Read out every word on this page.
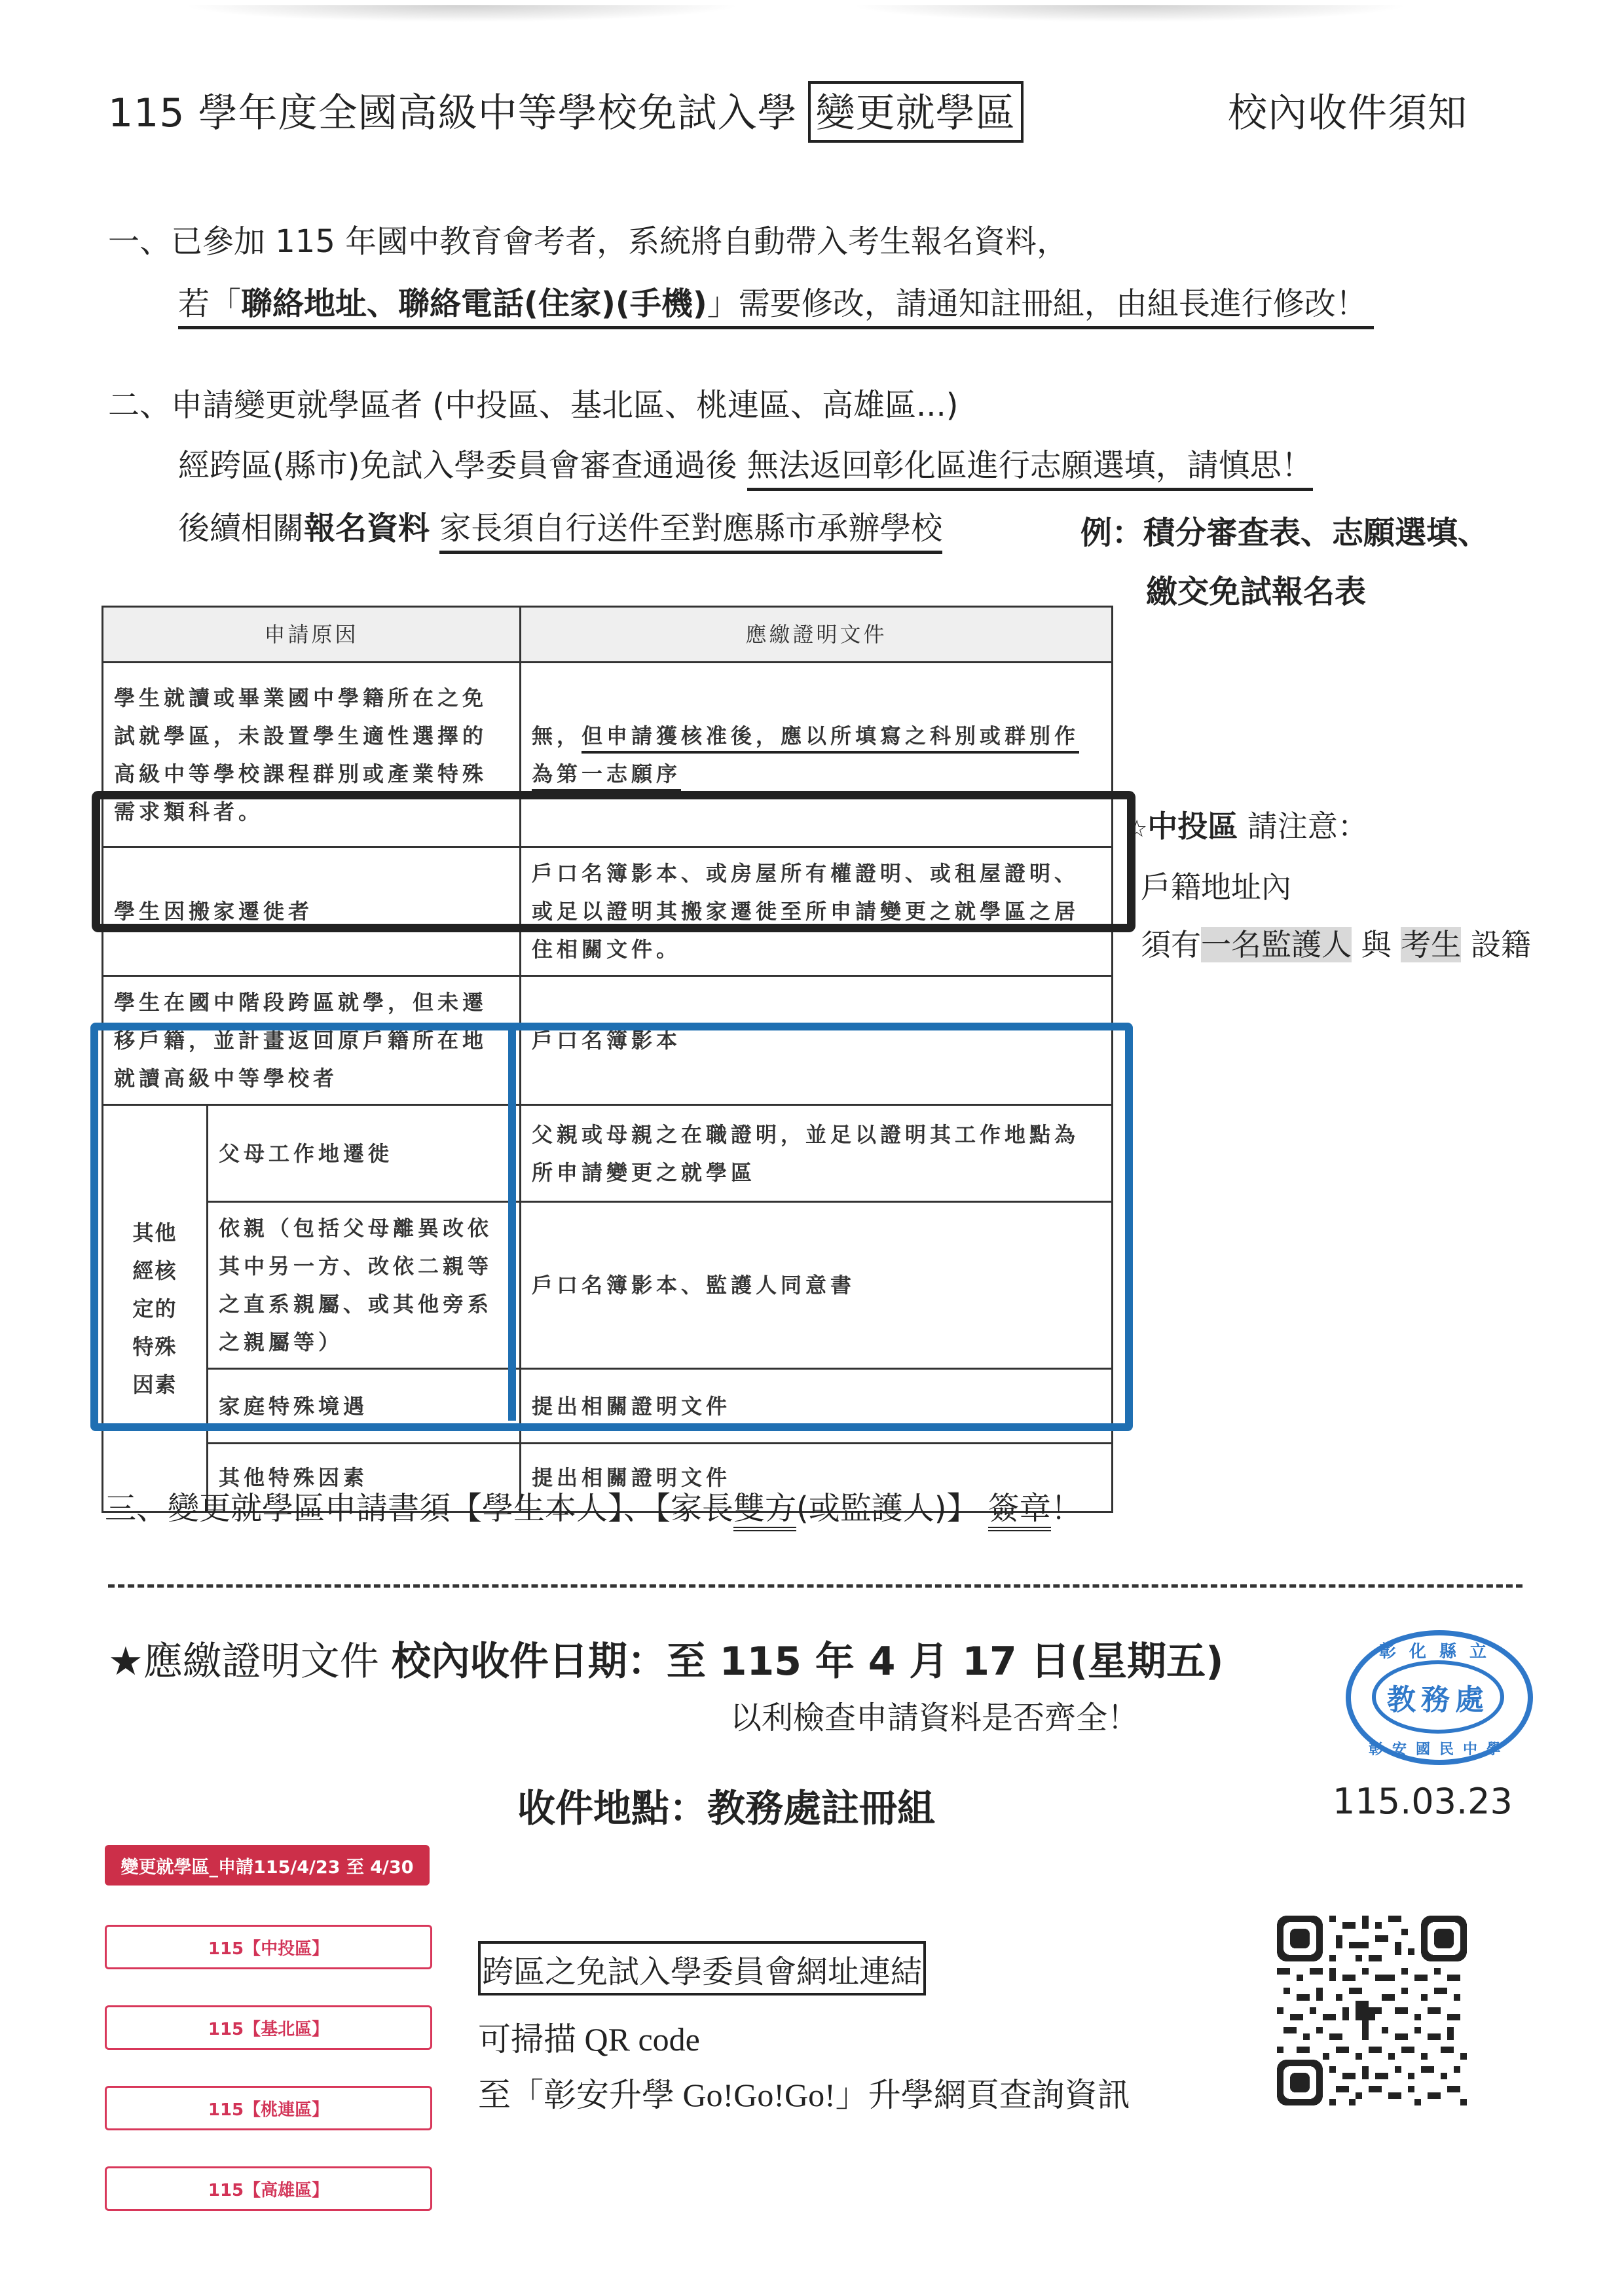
115 學年度全國高級中等學校免試入學 變更就學區	校內收件須知
一、已參加 115 年國中教育會考者，系統將自動帶入考生報名資料，
若「聯絡地址、聯絡電話(住家)(手機)」需要修改，請通知註冊組，由組長進行修改！
二、申請變更就學區者 (中投區、基北區、桃連區、高雄區...)
經跨區(縣市)免試入學委員會審查通過後 無法返回彰化區進行志願選填，請慎思！
後續相關報名資料 家長須自行送件至對應縣市承辦學校	例：積分審查表、志願選填、
繳交免試報名表
申請原因		應繳證明文件
學生就讀或畢業國中學籍所在之免試就學區，未設置學生適性選擇的高級中等學校課程群別或產業特殊需求類科者。		無，但申請獲核准後，應以所填寫之科別或群別作為第一志願序
學生因搬家遷徙者		戶口名簿影本、或房屋所有權證明、或租屋證明、或足以證明其搬家遷徙至所申請變更之就學區之居住相關文件。
學生在國中階段跨區就學，但未遷移戶籍，並計畫返回原戶籍所在地就讀高級中等學校者		戶口名簿影本
其他經核定的特殊因素	父母工作地遷徙	父親或母親之在職證明，並足以證明其工作地點為所申請變更之就學區
	依親（包括父母離異改依其中另一方、改依二親等之直系親屬、或其他旁系之親屬等）	戶口名簿影本、監護人同意書
	家庭特殊境遇	提出相關證明文件
	其他特殊因素	提出相關證明文件
☆中投區 請注意：
戶籍地址內
須有一名監護人 與 考生 設籍
三、變更就學區申請書須【學生本人】、【家長雙方(或監護人)】 簽章！
★應繳證明文件 校內收件日期：至 115 年 4 月 17 日(星期五)
以利檢查申請資料是否齊全！
收件地點：教務處註冊組	115.03.23
彰化縣立
教務處
彰安國民中學
變更就學區_申請115/4/23 至 4/30
115【中投區】
115【基北區】
115【桃連區】
115【高雄區】
跨區之免試入學委員會網址連結
可掃描 QR code
至「彰安升學 Go!Go!Go!」升學網頁查詢資訊
